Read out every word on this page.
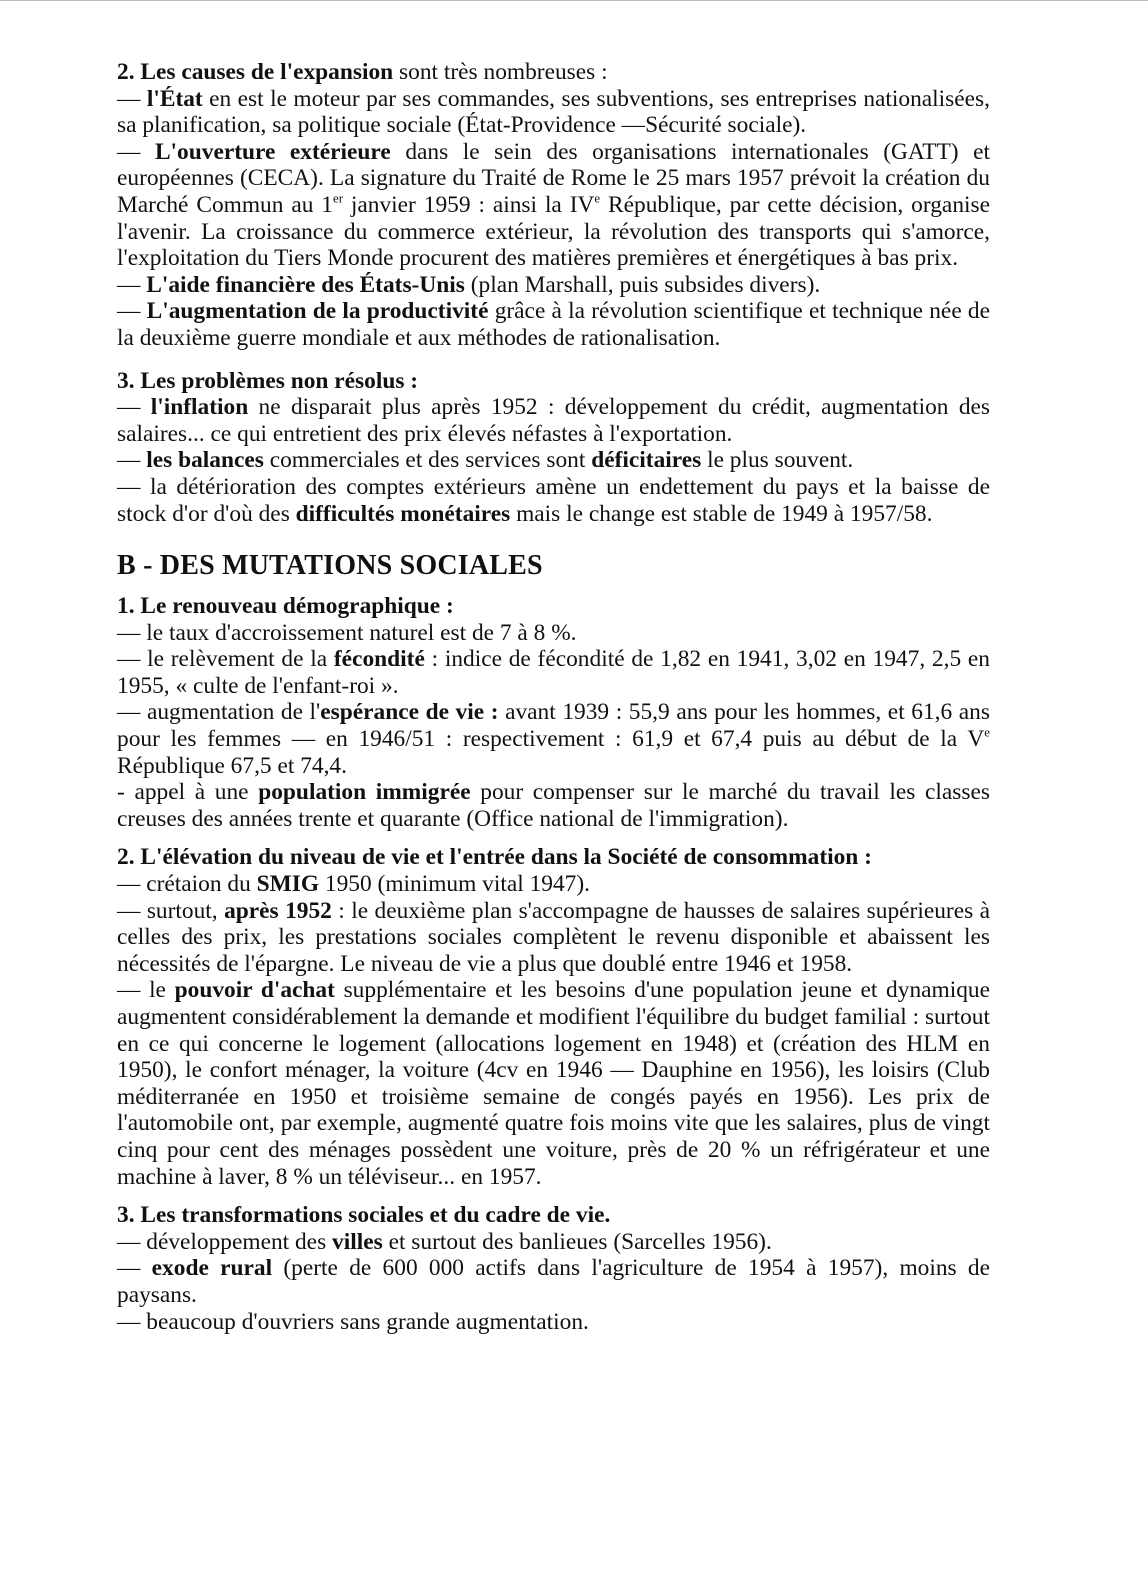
2. Les causes de l'expansion sont très nombreuses :

— l'État en est le moteur par ses commandes, ses subventions, ses entreprises nationalisées, sa planification, sa politique sociale (État-Providence —Sécurité sociale).

— L'ouverture extérieure dans le sein des organisations internationales (GATT) et européennes (CECA). La signature du Traité de Rome le 25 mars 1957 prévoit la création du Marché Commun au 1er janvier 1959 : ainsi la IVe République, par cette décision, organise l'avenir. La croissance du commerce extérieur, la révolution des transports qui s'amorce, l'exploitation du Tiers Monde procurent des matières premières et énergétiques à bas prix.

— L'aide financière des États-Unis (plan Marshall, puis subsides divers).

— L'augmentation de la productivité grâce à la révolution scientifique et technique née de la deuxième guerre mondiale et aux méthodes de rationalisation.

3. Les problèmes non résolus :

— l'inflation ne disparait plus après 1952 : développement du crédit, augmentation des salaires... ce qui entretient des prix élevés néfastes à l'exportation.

— les balances commerciales et des services sont déficitaires le plus souvent.

— la détérioration des comptes extérieurs amène un endettement du pays et la baisse de stock d'or d'où des difficultés monétaires mais le change est stable de 1949 à 1957/58.

B - DES MUTATIONS SOCIALES

1. Le renouveau démographique :

— le taux d'accroissement naturel est de 7 à 8 %.

— le relèvement de la fécondité : indice de fécondité de 1,82 en 1941, 3,02 en 1947, 2,5 en 1955, « culte de l'enfant-roi ».

— augmentation de l'espérance de vie : avant 1939 : 55,9 ans pour les hommes, et 61,6 ans pour les femmes — en 1946/51 : respectivement : 61,9 et 67,4 puis au début de la Ve République 67,5 et 74,4.

- appel à une population immigrée pour compenser sur le marché du travail les classes creuses des années trente et quarante (Office national de l'immigration).

2. L'élévation du niveau de vie et l'entrée dans la Société de consommation :

— crétaion du SMIG 1950 (minimum vital 1947).

— surtout, après 1952 : le deuxième plan s'accompagne de hausses de salaires supérieures à celles des prix, les prestations sociales complètent le revenu disponible et abaissent les nécessités de l'épargne. Le niveau de vie a plus que doublé entre 1946 et 1958.

— le pouvoir d'achat supplémentaire et les besoins d'une population jeune et dynamique augmentent considérablement la demande et modifient l'équilibre du budget familial : surtout en ce qui concerne le logement (allocations logement en 1948) et (création des HLM en 1950), le confort ménager, la voiture (4cv en 1946 — Dauphine en 1956), les loisirs (Club méditerranée en 1950 et troisième semaine de congés payés en 1956). Les prix de l'automobile ont, par exemple, augmenté quatre fois moins vite que les salaires, plus de vingt cinq pour cent des ménages possèdent une voiture, près de 20 % un réfrigérateur et une machine à laver, 8 % un téléviseur... en 1957.

3. Les transformations sociales et du cadre de vie.

— développement des villes et surtout des banlieues (Sarcelles 1956).

— exode rural (perte de 600 000 actifs dans l'agriculture de 1954 à 1957), moins de paysans.

— beaucoup d'ouvriers sans grande augmentation.
